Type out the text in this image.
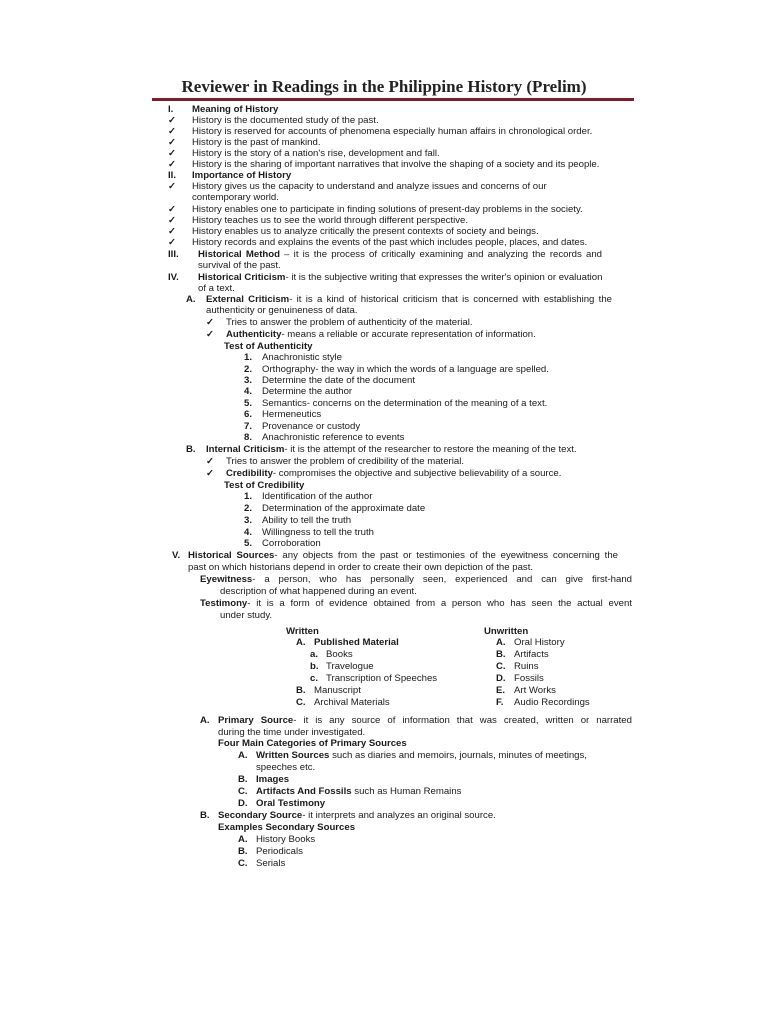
Reviewer in Readings in the Philippine History (Prelim)
I. Meaning of History
✓ History is the documented study of the past.
✓ History is reserved for accounts of phenomena especially human affairs in chronological order.
✓ History is the past of mankind.
✓ History is the story of a nation's rise, development and fall.
✓ History is the sharing of important narratives that involve the shaping of a society and its people.
II. Importance of History
✓ History gives us the capacity to understand and analyze issues and concerns of our
contemporary world.
✓ History enables one to participate in finding solutions of present-day problems in the society.
✓ History teaches us to see the world through different perspective.
✓ History enables us to analyze critically the present contexts of society and beings.
✓ History records and explains the events of the past which includes people, places, and dates.
III. Historical Method – it is the process of critically examining and analyzing the records and
survival of the past.
IV. Historical Criticism- it is the subjective writing that expresses the writer's opinion or evaluation
of a text.
A. External Criticism- it is a kind of historical criticism that is concerned with establishing the
authenticity or genuineness of data.
✓ Tries to answer the problem of authenticity of the material.
✓ Authenticity- means a reliable or accurate representation of information.
Test of Authenticity
1. Anachronistic style
2. Orthography- the way in which the words of a language are spelled.
3. Determine the date of the document
4. Determine the author
5. Semantics- concerns on the determination of the meaning of a text.
6. Hermeneutics
7. Provenance or custody
8. Anachronistic reference to events
B. Internal Criticism- it is the attempt of the researcher to restore the meaning of the text.
✓ Tries to answer the problem of credibility of the material.
✓ Credibility- compromises the objective and subjective believability of a source.
Test of Credibility
1. Identification of the author
2. Determination of the approximate date
3. Ability to tell the truth
4. Willingness to tell the truth
5. Corroboration
V. Historical Sources- any objects from the past or testimonies of the eyewitness concerning the
past on which historians depend in order to create their own depiction of the past.
Eyewitness- a person, who has personally seen, experienced and can give first-hand
description of what happened during an event.
Testimony- it is a form of evidence obtained from a person who has seen the actual event
under study.
Written	Unwritten
A. Published Material	A. Oral History
a. Books	B. Artifacts
b. Travelogue	C. Ruins
c. Transcription of Speeches	D. Fossils
B. Manuscript	E. Art Works
C. Archival Materials	F. Audio Recordings
A. Primary Source- it is any source of information that was created, written or narrated
during the time under investigated.
Four Main Categories of Primary Sources
A. Written Sources such as diaries and memoirs, journals, minutes of meetings,
speeches etc.
B. Images
C. Artifacts And Fossils such as Human Remains
D. Oral Testimony
B. Secondary Source- it interprets and analyzes an original source.
Examples Secondary Sources
A. History Books
B. Periodicals
C. Serials
